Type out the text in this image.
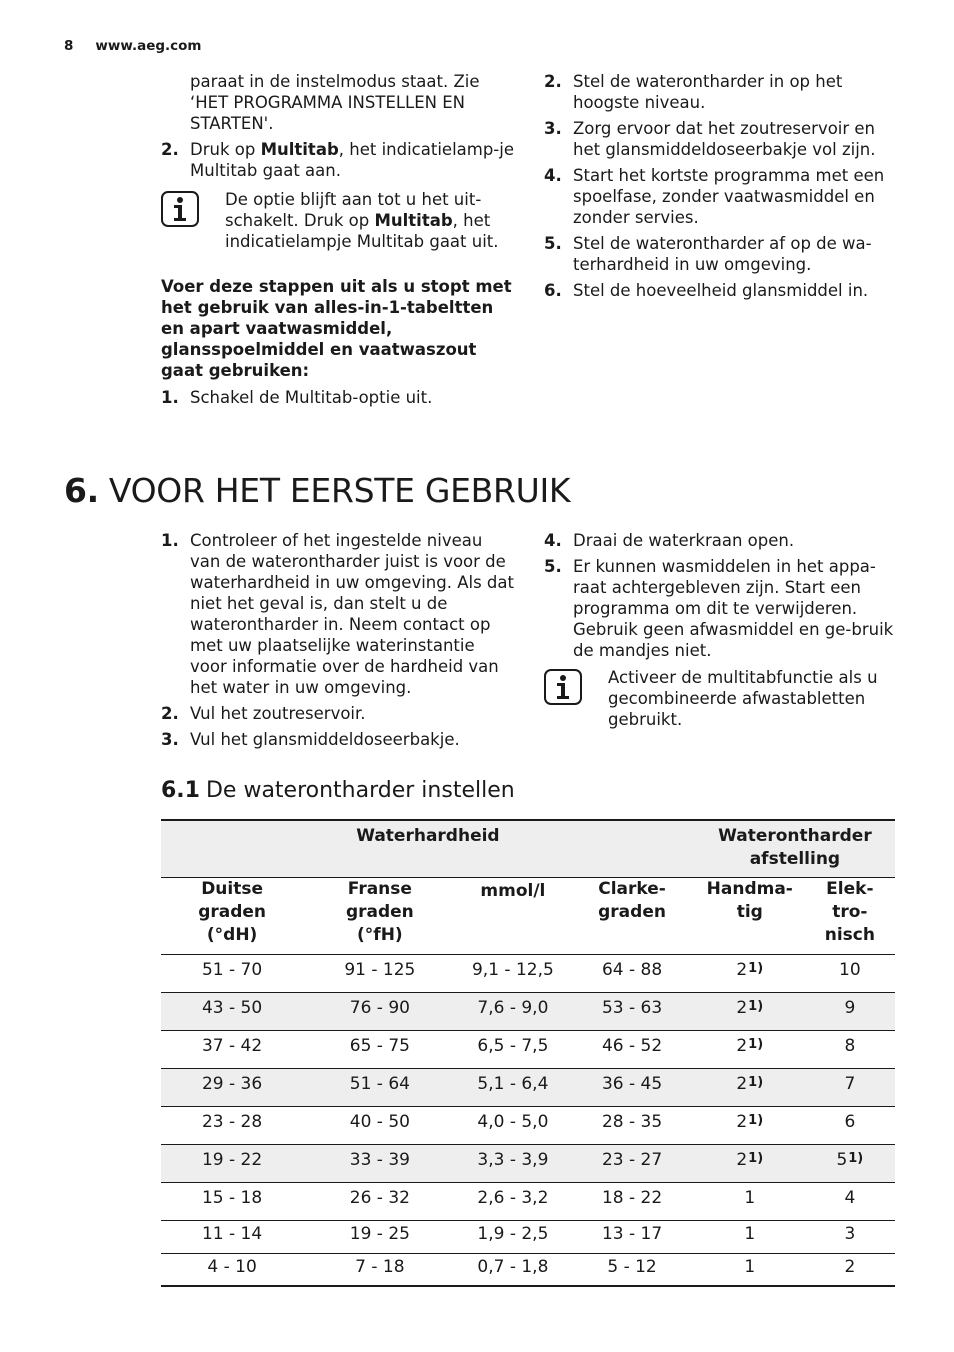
8 www.aeg.com

paraat in de instelmodus staat. Zie ‘HET PROGRAMMA INSTELLEN EN STARTEN'.

2. Druk op Multitab, het indicatielamp-je Multitab gaat aan.
De optie blijft aan tot u het uit-schakelt. Druk op Multitab, het indicatielampje Multitab gaat uit.

Voer deze stappen uit als u stopt met het gebruik van alles-in-1-tabeltten en apart vaatwasmiddel, glansspoelmiddel en vaatwaszout gaat gebruiken:

1. Schakel de Multitab-optie uit.
2. Stel de waterontharder in op het hoogste niveau.
3. Zorg ervoor dat het zoutreservoir en het glansmiddeldoseerbakje vol zijn.
4. Start het kortste programma met een spoelfase, zonder vaatwasmiddel en zonder servies.
5. Stel de waterontharder af op de wa-terhardheid in uw omgeving.
6. Stel de hoeveelheid glansmiddel in.
6. VOOR HET EERSTE GEBRUIK
1. Controleer of het ingestelde niveau van de waterontharder juist is voor de waterhardheid in uw omgeving. Als dat niet het geval is, dan stelt u de waterontharder in. Neem contact op met uw plaatselijke waterinstantie voor informatie over de hardheid van het water in uw omgeving.
2. Vul het zoutreservoir.
3. Vul het glansmiddeldoseerbakje.
4. Draai de waterkraan open.
5. Er kunnen wasmiddelen in het appa-raat achtergebleven zijn. Start een programma om dit te verwijderen. Gebruik geen afwasmiddel en ge-bruik de mandjes niet.
Activeer de multitabfunctie als u gecombineerde afwastabletten gebruikt.
6.1 De waterontharder instellen
Waterhardheid				Waterontharder afstelling	
Duitse graden (°dH)	Franse graden (°fH)	mmol/l	Clarke-graden	Handma-tig	Elek-tro-nisch
51 - 70	91 - 125	9,1 - 12,5	64 - 88	21)	10
43 - 50	76 - 90	7,6 - 9,0	53 - 63	21)	9
37 - 42	65 - 75	6,5 - 7,5	46 - 52	21)	8
29 - 36	51 - 64	5,1 - 6,4	36 - 45	21)	7
23 - 28	40 - 50	4,0 - 5,0	28 - 35	21)	6
19 - 22	33 - 39	3,3 - 3,9	23 - 27	21)	51)
15 - 18	26 - 32	2,6 - 3,2	18 - 22	1	4
11 - 14	19 - 25	1,9 - 2,5	13 - 17	1	3
4 - 10	7 - 18	0,7 - 1,8	5 - 12	1	2
